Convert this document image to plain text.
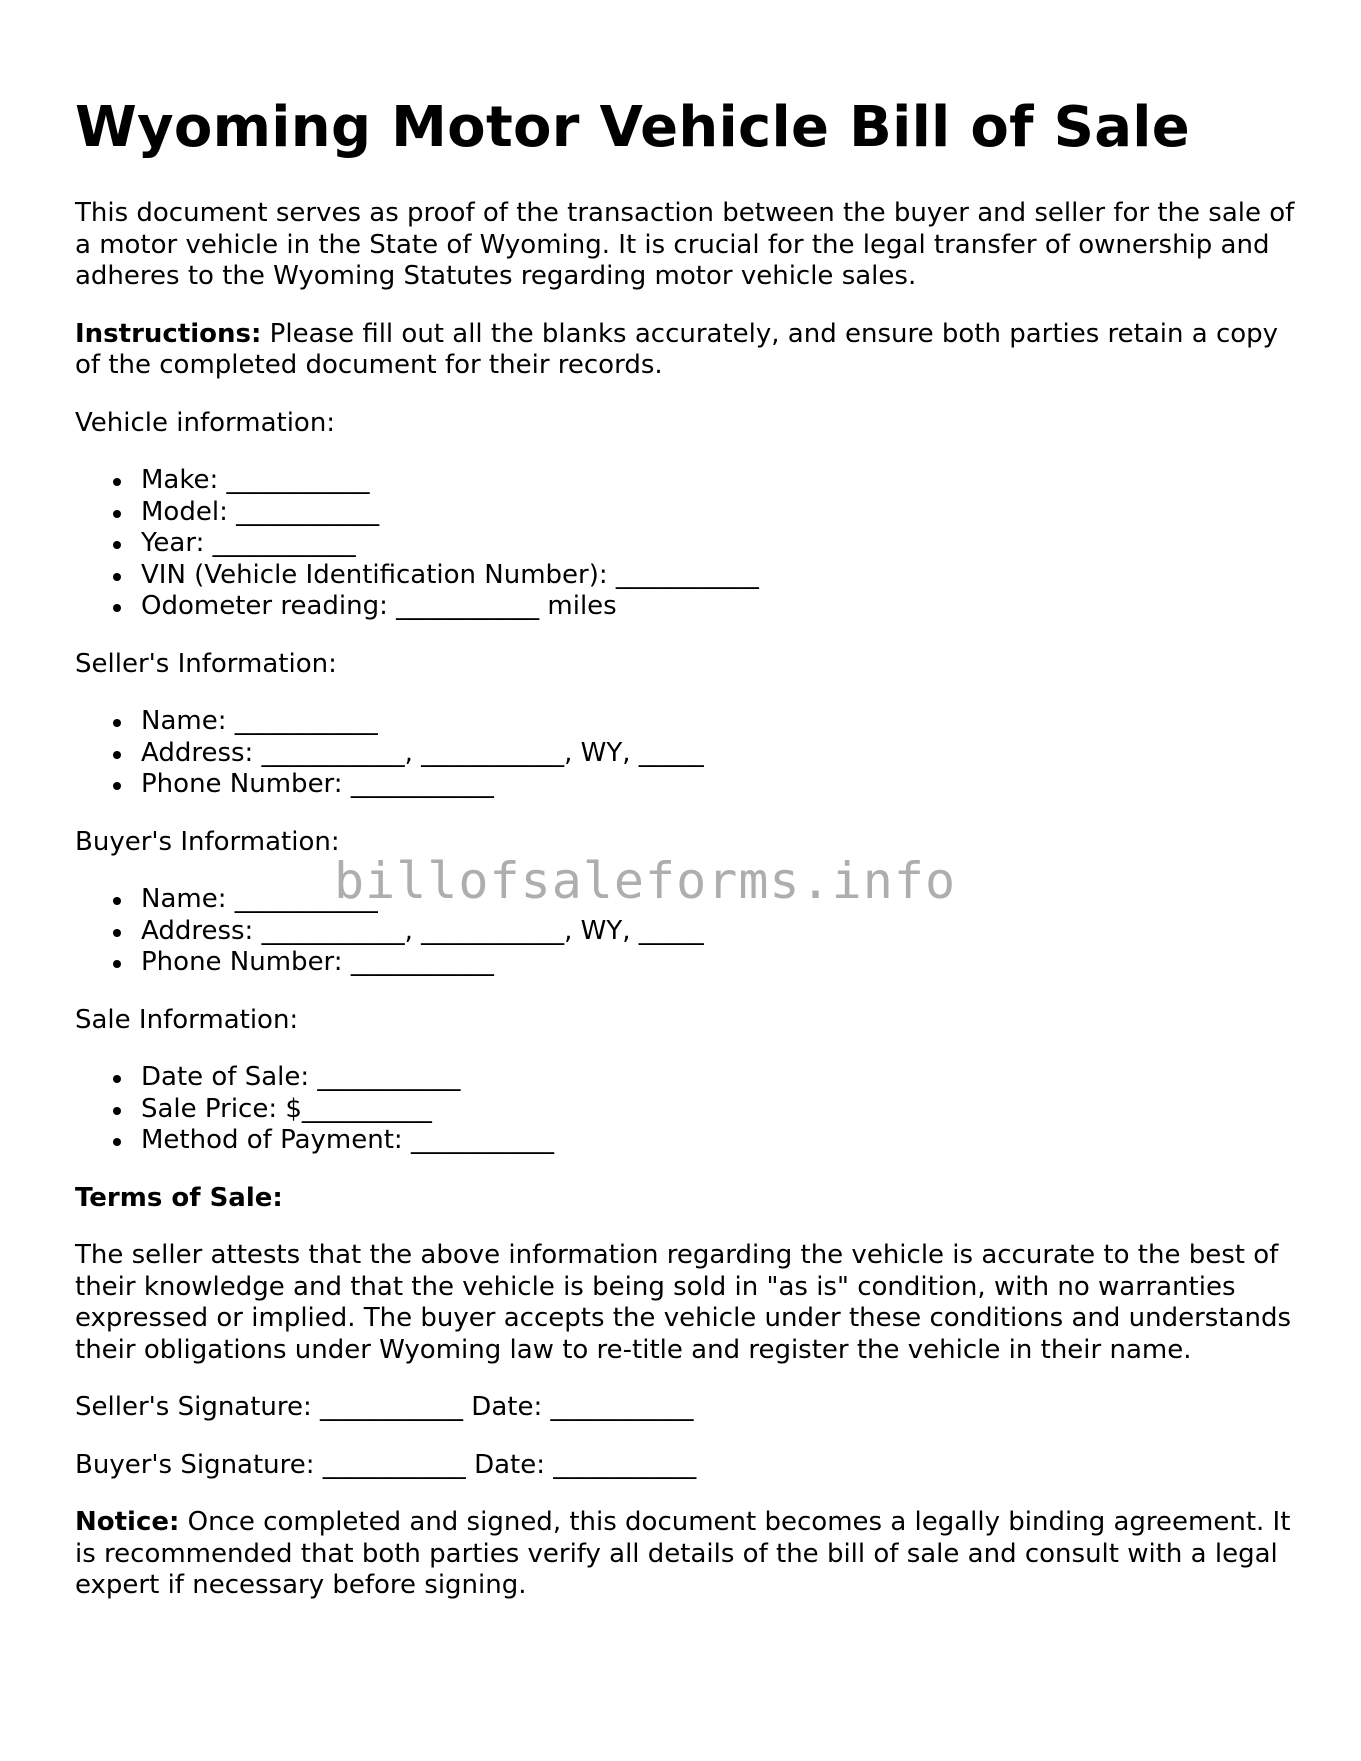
Wyoming Motor Vehicle Bill of Sale

This document serves as proof of the transaction between the buyer and seller for the sale of a motor vehicle in the State of Wyoming. It is crucial for the legal transfer of ownership and adheres to the Wyoming Statutes regarding motor vehicle sales.

Instructions: Please fill out all the blanks accurately, and ensure both parties retain a copy of the completed document for their records.

Vehicle information:

Make: ___________
Model: ___________
Year: ___________
VIN (Vehicle Identification Number): ___________
Odometer reading: ___________ miles

Seller's Information:

Name: ___________
Address: ___________, ___________, WY, _____
Phone Number: ___________

Buyer's Information:

Name: ___________
Address: ___________, ___________, WY, _____
Phone Number: ___________

Sale Information:

Date of Sale: ___________
Sale Price: $__________
Method of Payment: ___________

Terms of Sale:

The seller attests that the above information regarding the vehicle is accurate to the best of their knowledge and that the vehicle is being sold in "as is" condition, with no warranties expressed or implied. The buyer accepts the vehicle under these conditions and understands their obligations under Wyoming law to re-title and register the vehicle in their name.

Seller's Signature: ___________ Date: ___________

Buyer's Signature: ___________ Date: ___________

Notice: Once completed and signed, this document becomes a legally binding agreement. It is recommended that both parties verify all details of the bill of sale and consult with a legal expert if necessary before signing.

billofsaleforms.info
